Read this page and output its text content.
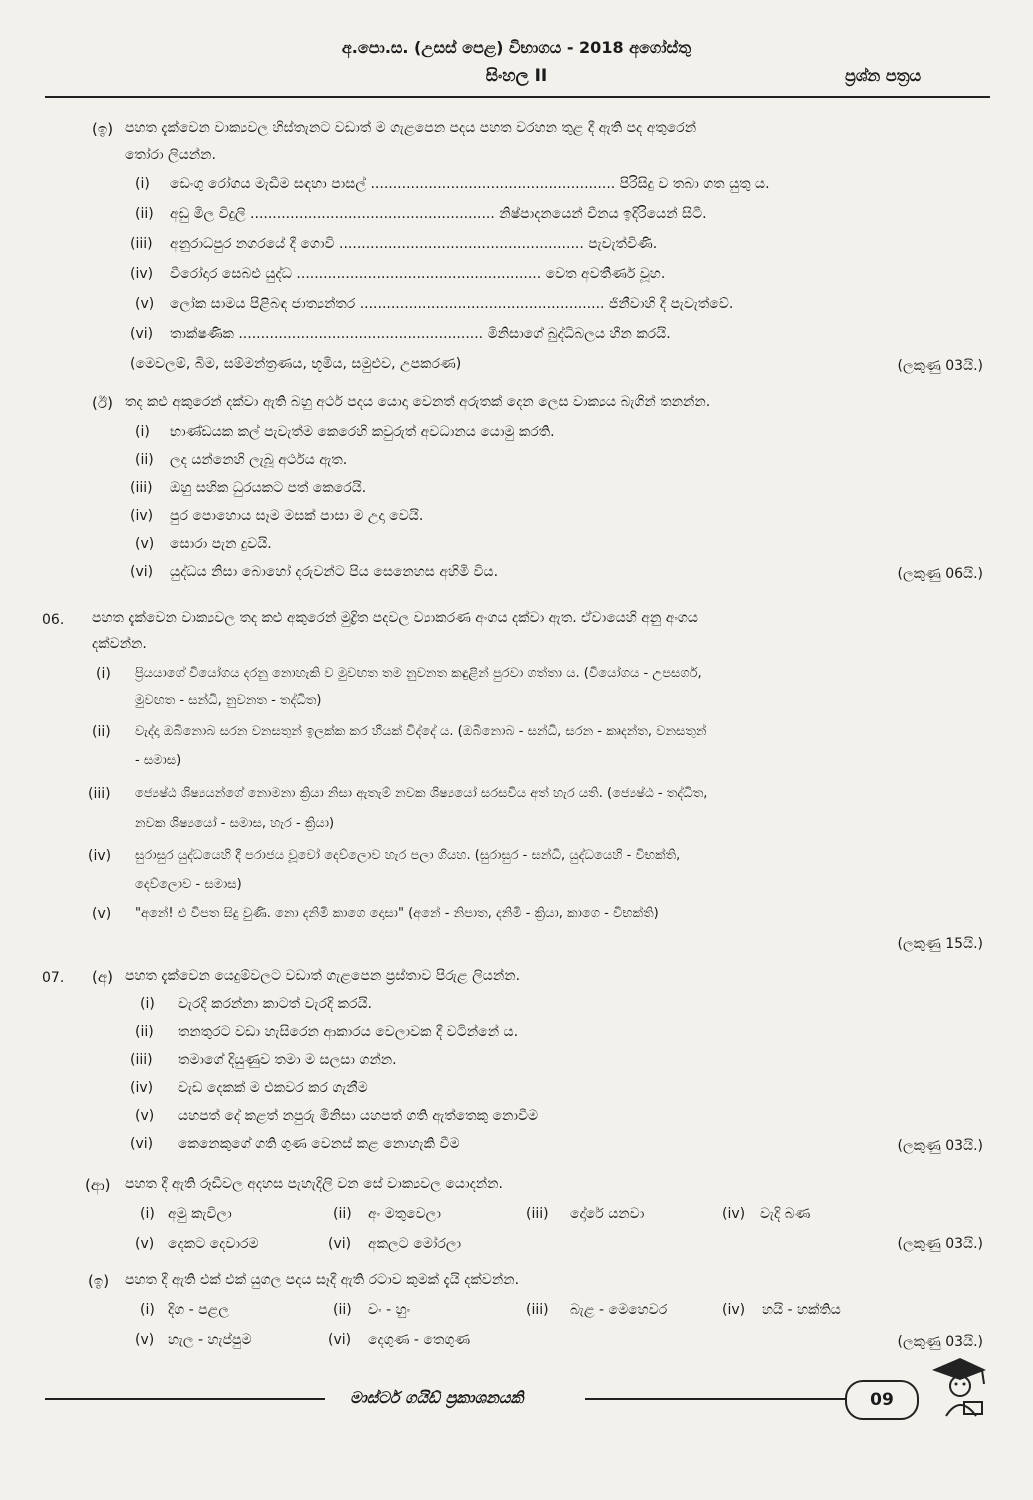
අ.පො.ස. (උසස් පෙළ) විභාගය - 2018 අගෝස්තු
සිංහල II	ප්‍රශ්න පත්‍රය
(ඉ) පහත දැක්වෙන වාක්‍යවල හිස්තැනට වඩාත් ම ගැළපෙන පදය පහත වරහන තුළ දී ඇති පද අතුරෙන්
තෝරා ලියන්න.
(i) ඩෙංගු රෝගය මැඩීම සඳහා පාසල් ....................................................... පිරිසිදු ව තබා ගත යුතු ය.
(ii) අඩු මිල විදුලි ....................................................... නිෂ්පාදනයෙන් චීනය ඉදිරියෙන් සිටී.
(iii) අනුරාධපුර නගරයේ දී ගොවි ....................................................... පැවැත්විණි.
(iv) වීරෝදාර සෙබළු යුද්ධ ....................................................... වෙත අවතීර්ණ වූහ.
(v) ලෝක සාමය පිළිබඳ ජාත්‍යන්තර ....................................................... ජිනීවාහි දී පැවැත්වේ.
(vi) තාක්ෂණික ....................................................... මිනිසාගේ බුද්ධිබලය හීන කරයි.
(මෙවලම්, බිම, සම්මන්ත්‍රණය, භූමිය, සමුළුව, උපකරණ)	(ලකුණු 03යි.)
(ඊ) තද කළු අකුරෙන් දක්වා ඇති බහු අර්ථ පදය යොදා වෙනත් අරුතක් දෙන ලෙස වාක්‍යය බැගින් තනන්න.
(i) භාණ්ඩයක කල් පැවැත්ම කෙරෙහි කවුරුත් අවධානය යොමු කරති.
(ii) ලද යන්නෙහි ලැබූ අර්ථය ඇත.
(iii) ඔහු සහික ධුරයකට පත් කෙරෙයි.
(iv) පුර පොහොය සෑම මසක් පාසා ම උදා වෙයි.
(v) සොරා පැන දුවයි.
(vi) යුද්ධය නිසා බොහෝ දරුවන්ට පිය සෙනෙහස අහිමි විය.	(ලකුණු 06යි.)
06. පහත දැක්වෙන වාක්‍යවල තද කළු අකුරෙන් මුද්‍රිත පදවල ව්‍යාකරණ අංගය දක්වා ඇත. ඒවායෙහි අනු අංගය
දක්වන්න.
(i) ප්‍රියයාගේ වියෝගය දරනු නොහැකි ව මුවඟත තම නුවනත කඳුළින් පුරවා ගත්තා ය. (වියෝගය - උපසර්ග,
මුවඟත - සන්ධි, නුවනත - තද්ධිත)
(ii) වැද්දා ඔබිනොබ සරන වනසතුන් ඉලක්ක කර හීයක් විද්දේ ය. (ඔබිනොබ - සන්ධි, සරන - කෘදන්ත, වනසතුන්
- සමාස)
(iii) ජ්‍යෙෂ්ඨ ශිෂ්‍යයන්ගේ නොමනා ක්‍රියා නිසා ඇතැම් නවක ශිෂ්‍යයෝ සරසවිය අත් හැර යති. (ජ්‍යෙෂ්ඨ - තද්ධිත,
නවක ශිෂ්‍යයෝ - සමාස, හැර - ක්‍රියා)
(iv) සුරාසුර යුද්ධයෙහි දී පරාජය වූවෝ දෙව්ලොව හැර පලා ගියහ. (සුරාසුර - සන්ධි, යුද්ධයෙහි - විභක්ති,
දෙව්ලොව - සමාස)
(v) "අනේ! එ විපත සිදු වුණි. නො දනිමි කාගෙ දොසා" (අනේ - නිපාත, දනිමි - ක්‍රියා, කාගෙ - විභක්ති)
(ලකුණු 15යි.)
07. (අ) පහත දැක්වෙන යෙදුම්වලට වඩාත් ගැළපෙන ප්‍රස්තාව පිරුළ ලියන්න.
(i) වැරදි කරන්නා කාටත් වැරදි කරයි.
(ii) තනතුරට වඩා හැසිරෙන ආකාරය වෙලාවක දී වටින්නේ ය.
(iii) තමාගේ දියුණුව තමා ම සලසා ගන්න.
(iv) වැඩ දෙකක් ම එකවර කර ගැනීම
(v) යහපත් දේ කළත් නපුරු මිනිසා යහපත් ගති ඇත්තෙකු නොවීම
(vi) කෙනෙකුගේ ගති ගුණ වෙනස් කළ නොහැකි වීම	(ලකුණු 03යි.)
(ආ) පහත දී ඇති රූඩීවල අදහස පැහැදිලි වන සේ වාක්‍යවල යොදන්න.
(i) අමු කැවිලා	(ii) අං මතුවෙලා	(iii) දෝරේ යනවා	(iv) වැදි බණ
(v) දෙකට දෙවාරම	(vi) අකලට මෝරලා	(ලකුණු 03යි.)
(ඉ) පහත දී ඇති එක් එක් යුගල පදය සෑදී ඇති රටාව කුමක් දැයි දක්වන්න.
(i) දිග - පළල	(ii) වං - හුං	(iii) බැළ - මෙහෙවර	(iv) හයි - හක්තිය
(v) හැල - හැප්පුම	(vi) දෙගුණ - තෙගුණ	(ලකුණු 03යි.)
මාස්ටර් ගයිඩ් ප්‍රකාශනයකි	09
